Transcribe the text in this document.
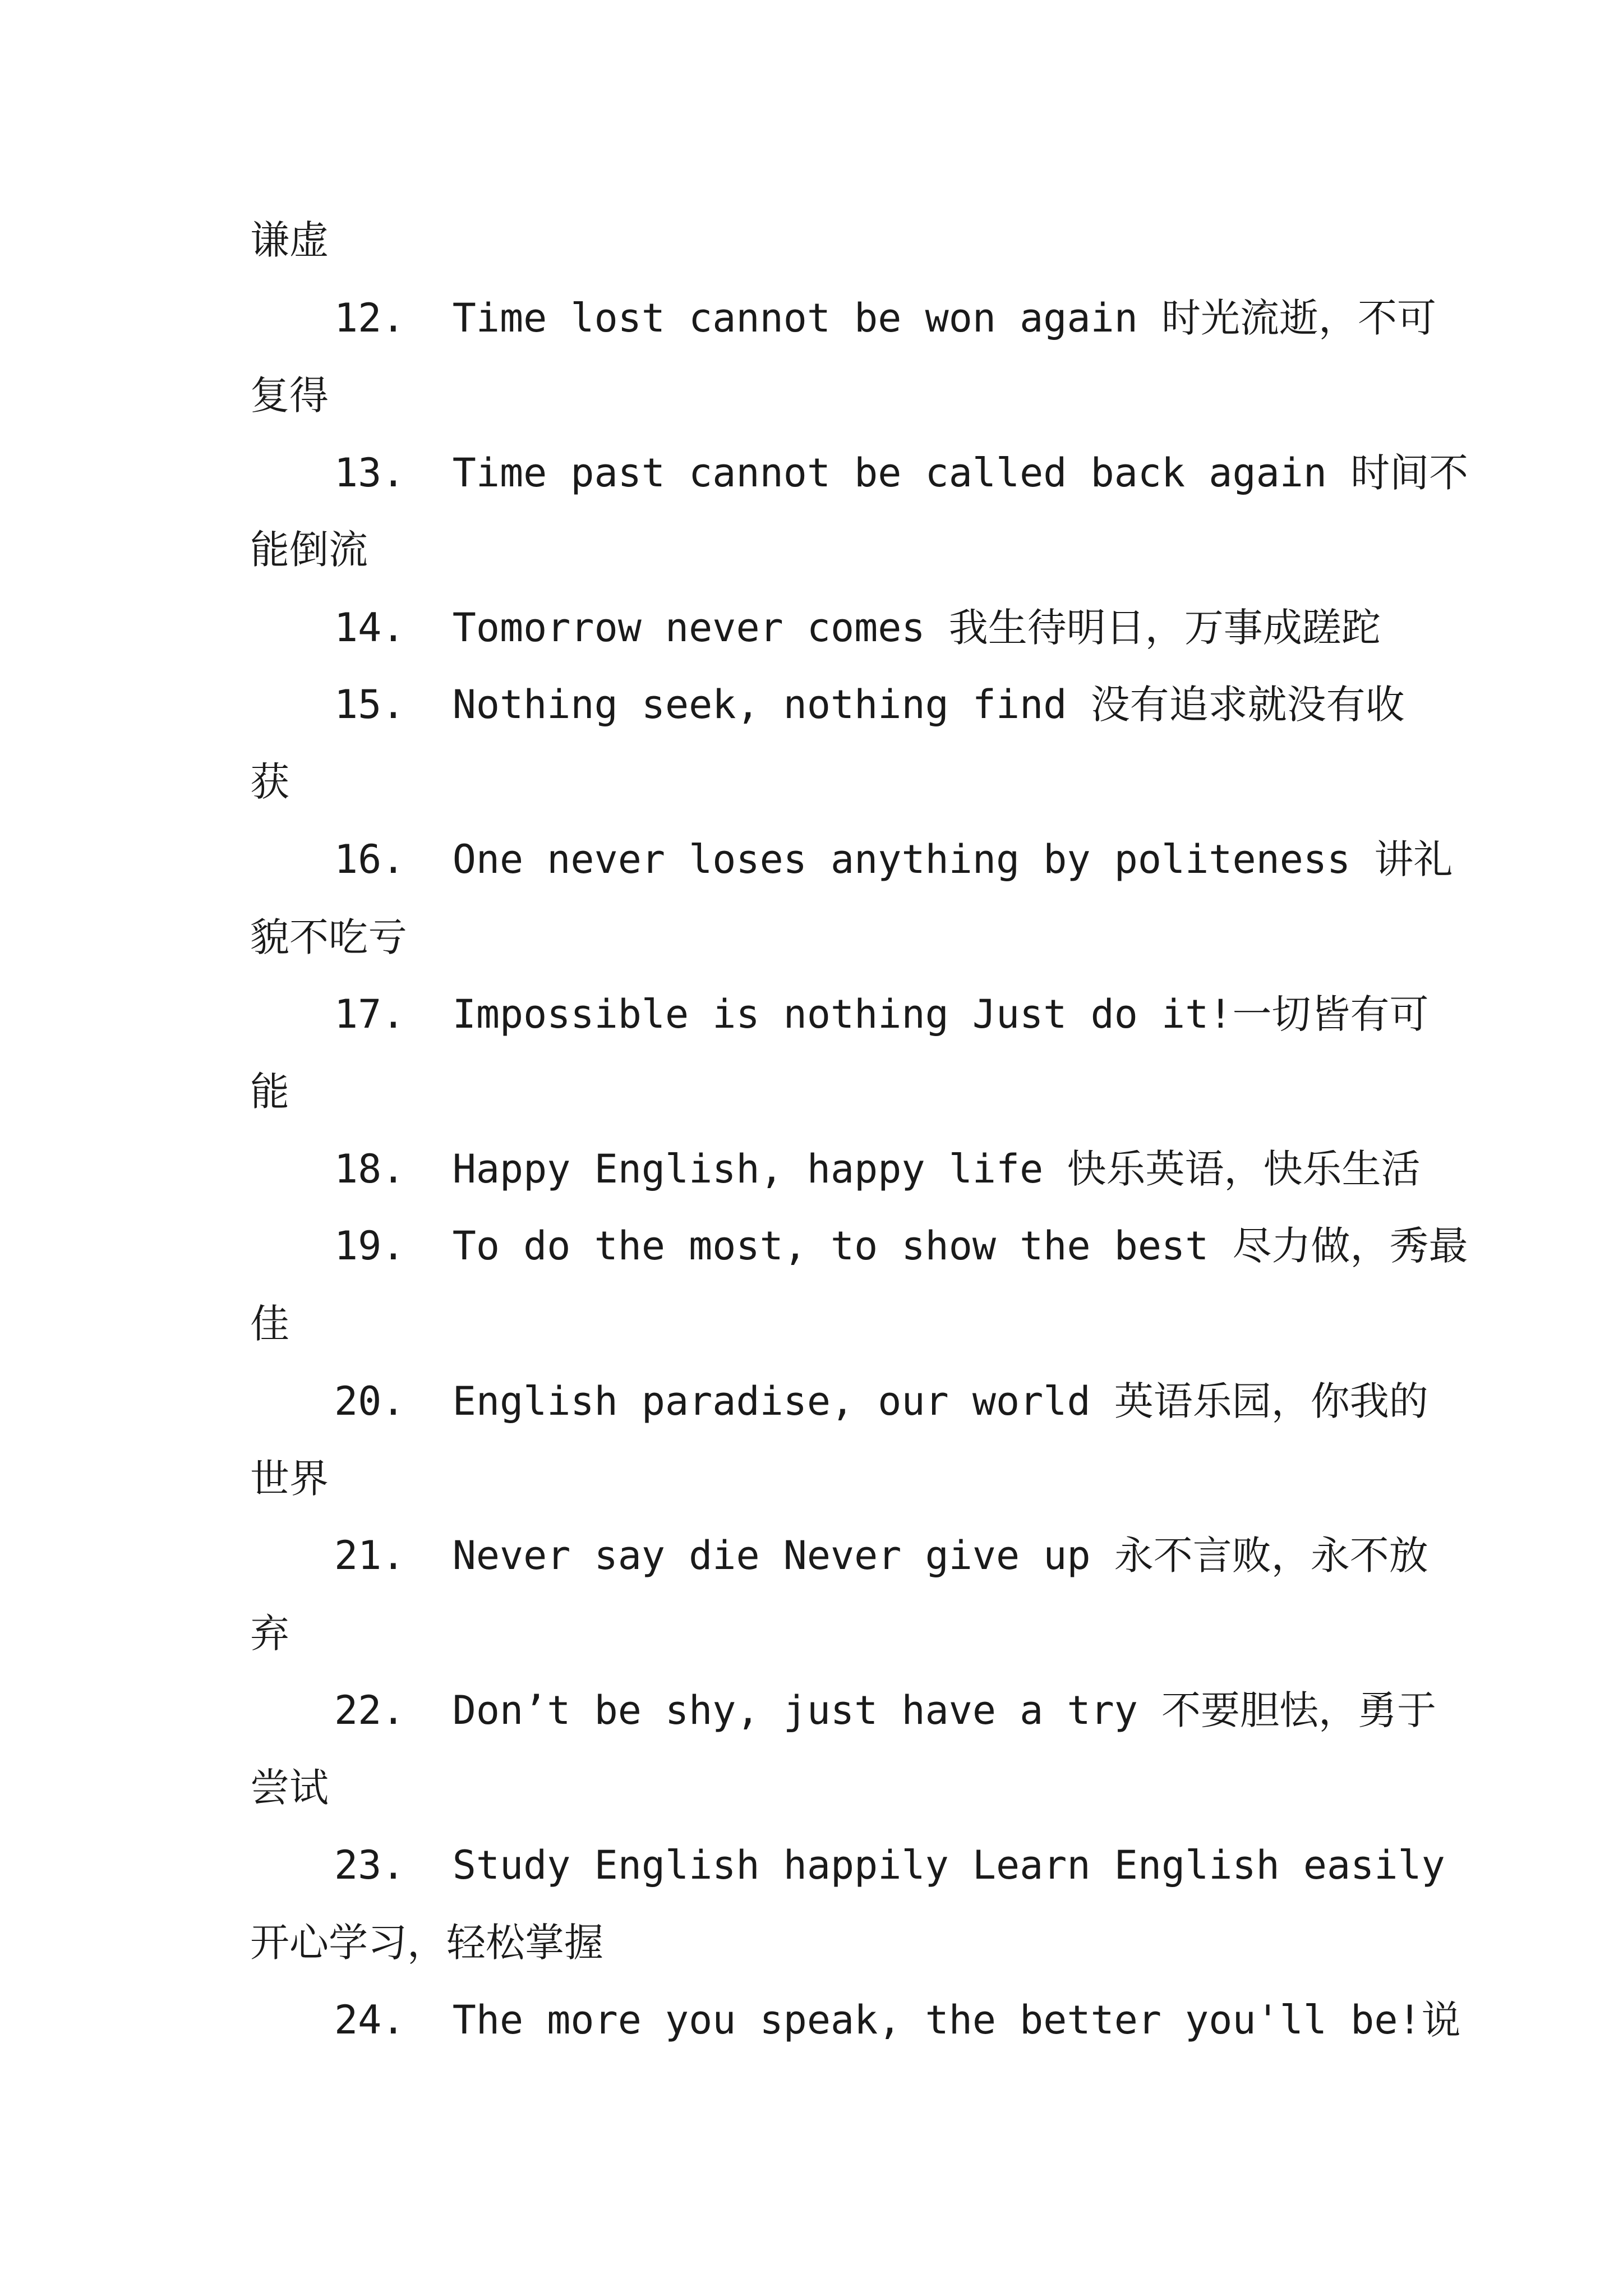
谦虚
12.  Time lost cannot be won again 时光流逝，不可
复得
13.  Time past cannot be called back again 时间不
能倒流
14.  Tomorrow never comes 我生待明日，万事成蹉跎
15.  Nothing seek, nothing find 没有追求就没有收
获
16.  One never loses anything by politeness 讲礼
貌不吃亏
17.  Impossible is nothing Just do it!一切皆有可
能
18.  Happy English, happy life 快乐英语，快乐生活
19.  To do the most, to show the best 尽力做，秀最
佳
20.  English paradise, our world 英语乐园，你我的
世界
21.  Never say die Never give up 永不言败，永不放
弃
22.  Don’t be shy, just have a try 不要胆怯，勇于
尝试
23.  Study English happily Learn English easily
开心学习，轻松掌握
24.  The more you speak, the better you'll be!说
